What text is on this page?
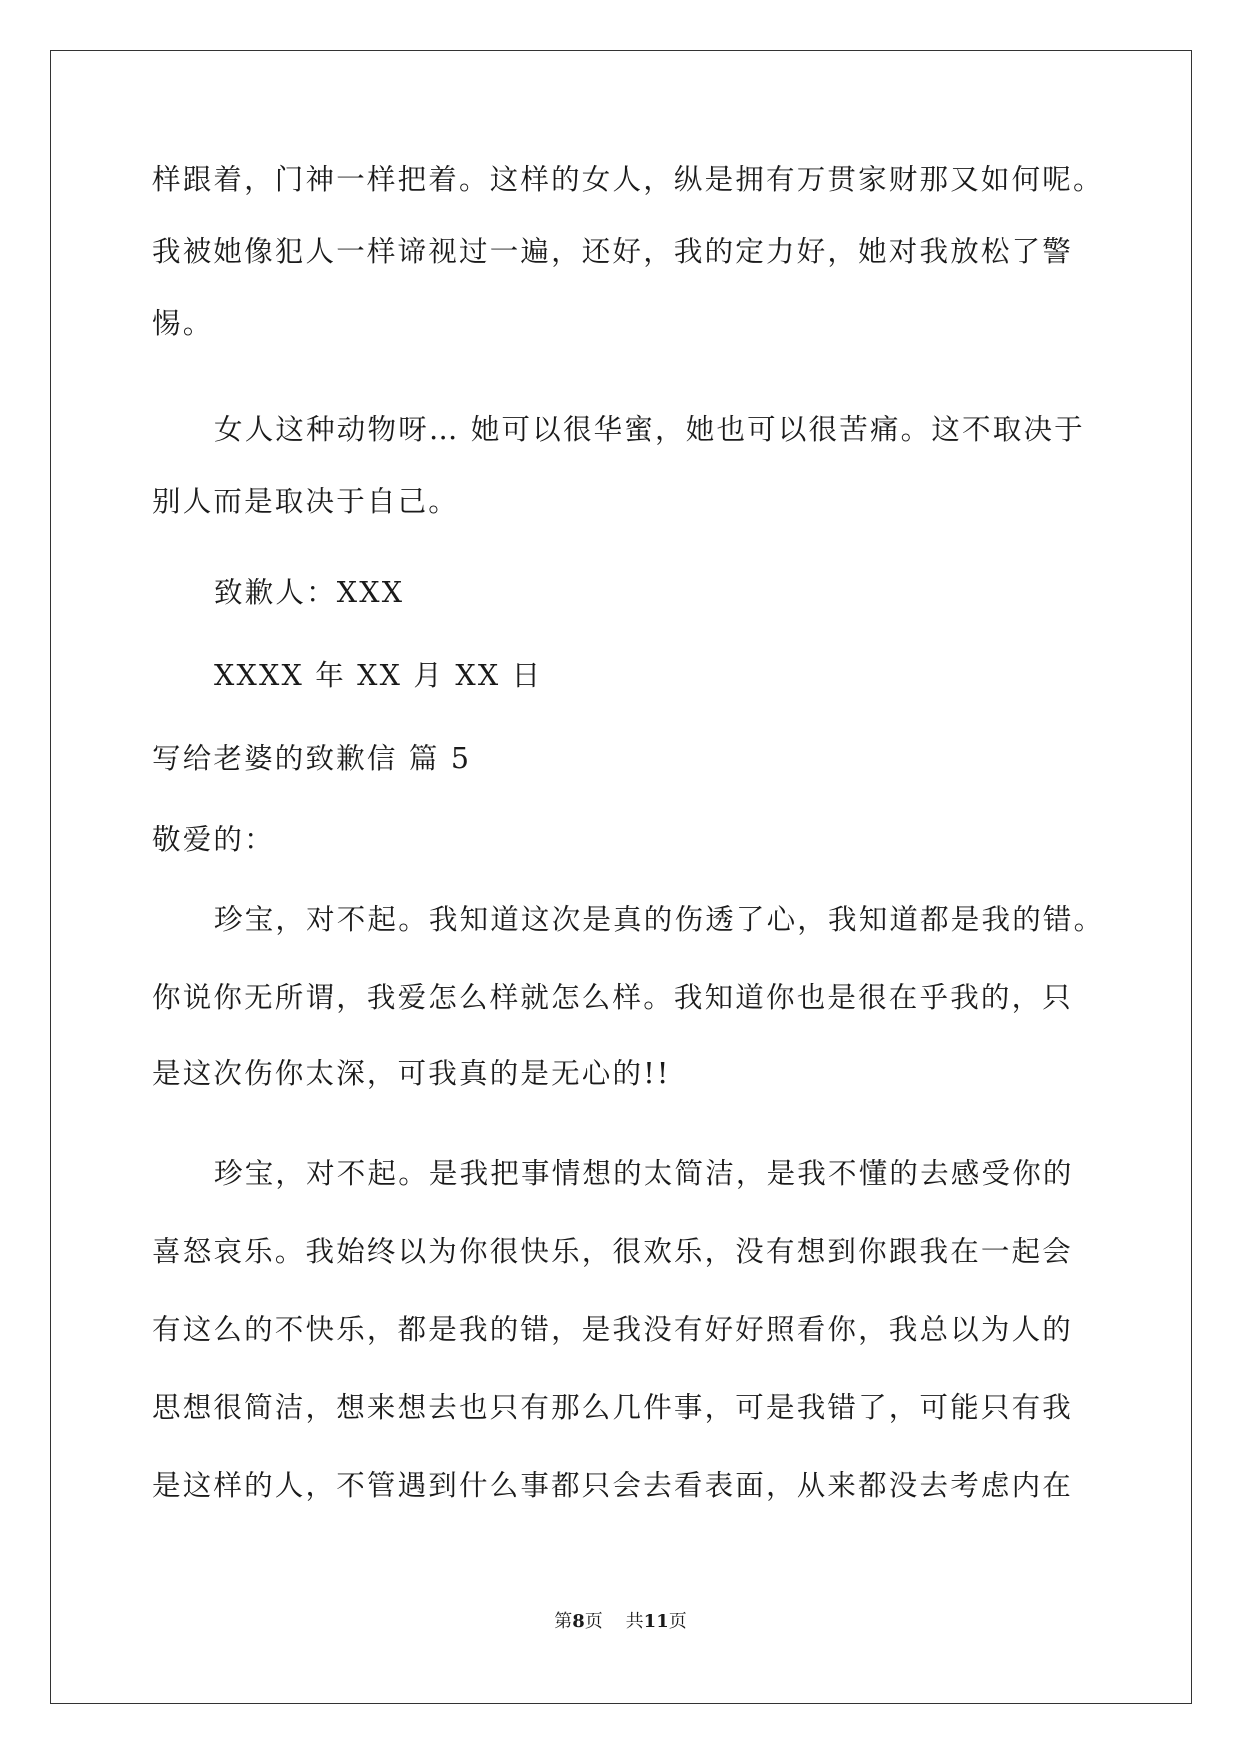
样跟着，门神一样把着。这样的女人，纵是拥有万贯家财那又如何呢。
我被她像犯人一样谛视过一遍，还好，我的定力好，她对我放松了警
惕。
女人这种动物呀… 她可以很华蜜，她也可以很苦痛。这不取决于
别人而是取决于自己。
致歉人：XXX
XXXX 年 XX 月 XX 日
写给老婆的致歉信 篇 5
敬爱的：
珍宝，对不起。我知道这次是真的伤透了心，我知道都是我的错。
你说你无所谓，我爱怎么样就怎么样。我知道你也是很在乎我的，只
是这次伤你太深，可我真的是无心的!!
珍宝，对不起。是我把事情想的太简洁，是我不懂的去感受你的
喜怒哀乐。我始终以为你很快乐，很欢乐，没有想到你跟我在一起会
有这么的不快乐，都是我的错，是我没有好好照看你，我总以为人的
思想很简洁，想来想去也只有那么几件事，可是我错了，可能只有我
是这样的人，不管遇到什么事都只会去看表面，从来都没去考虑内在
第8页 共11页
